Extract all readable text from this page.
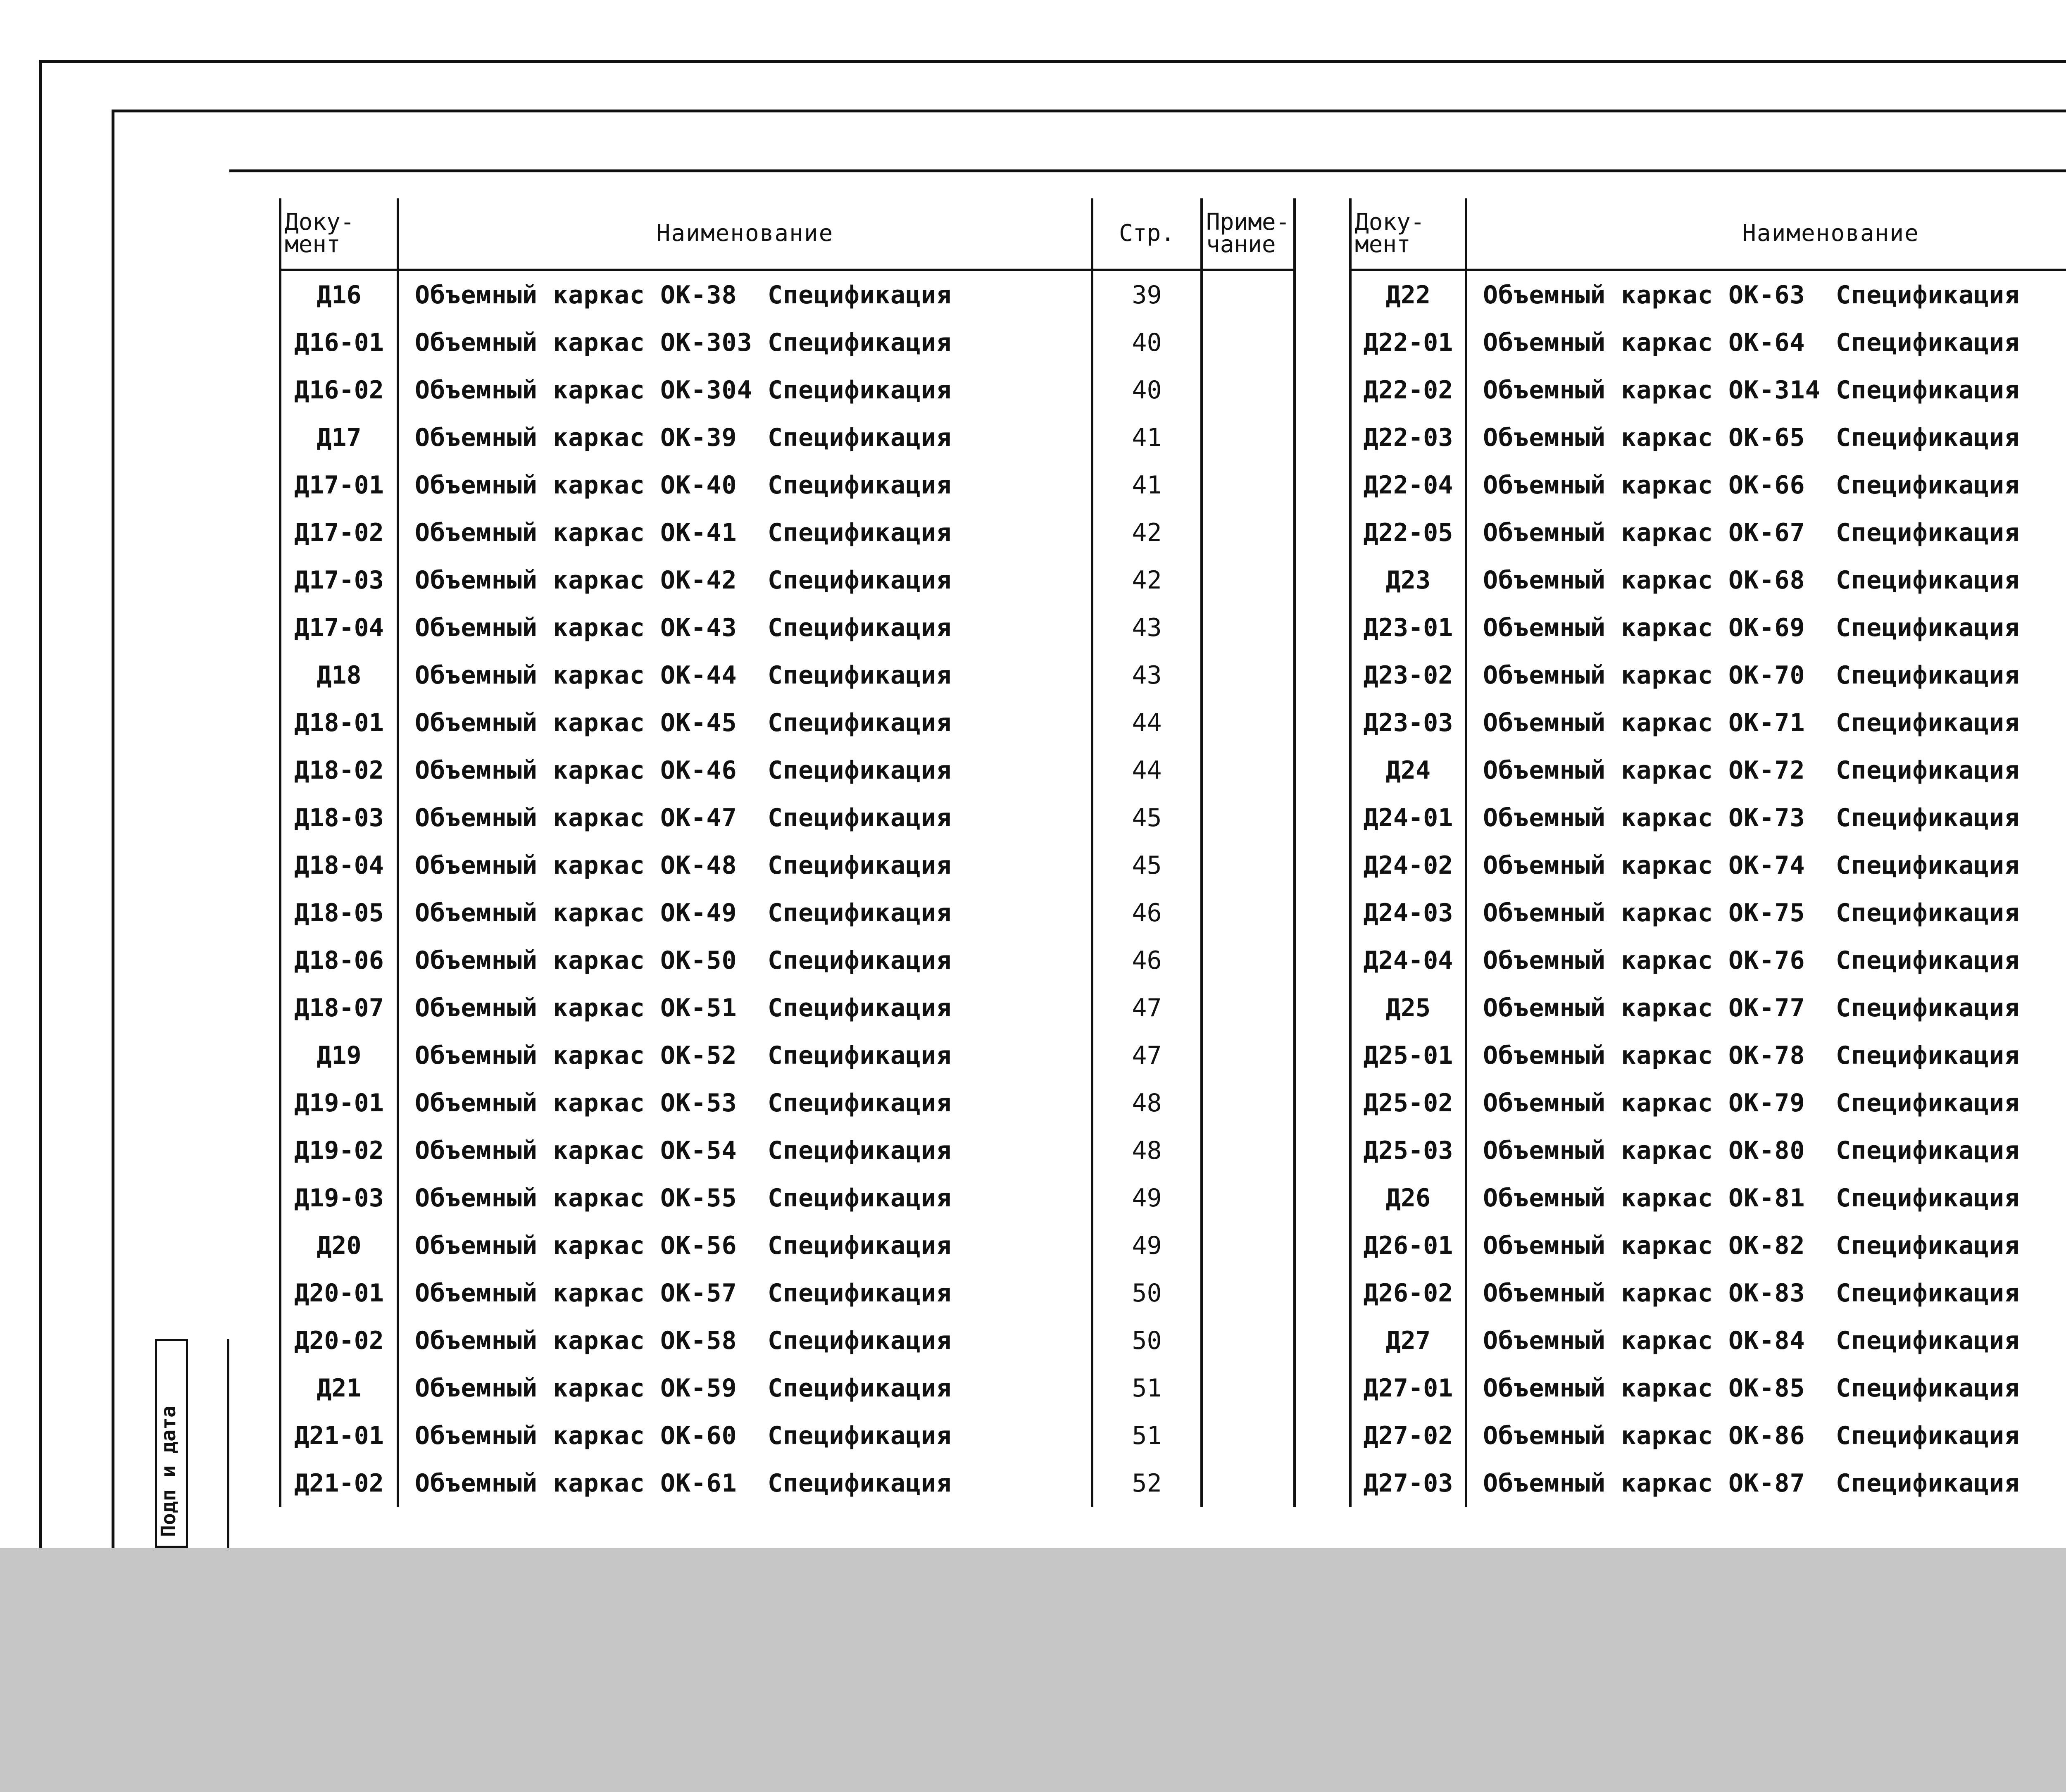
Подп и дата
Доку-
мент	Наименование	Стр.	Приме-
чание
Д16	Объемный каркас ОК-38  Спецификация	39	
Д16-01	Объемный каркас ОК-303 Спецификация	40	
Д16-02	Объемный каркас ОК-304 Спецификация	40	
Д17	Объемный каркас ОК-39  Спецификация	41	
Д17-01	Объемный каркас ОК-40  Спецификация	41	
Д17-02	Объемный каркас ОК-41  Спецификация	42	
Д17-03	Объемный каркас ОК-42  Спецификация	42	
Д17-04	Объемный каркас ОК-43  Спецификация	43	
Д18	Объемный каркас ОК-44  Спецификация	43	
Д18-01	Объемный каркас ОК-45  Спецификация	44	
Д18-02	Объемный каркас ОК-46  Спецификация	44	
Д18-03	Объемный каркас ОК-47  Спецификация	45	
Д18-04	Объемный каркас ОК-48  Спецификация	45	
Д18-05	Объемный каркас ОК-49  Спецификация	46	
Д18-06	Объемный каркас ОК-50  Спецификация	46	
Д18-07	Объемный каркас ОК-51  Спецификация	47	
Д19	Объемный каркас ОК-52  Спецификация	47	
Д19-01	Объемный каркас ОК-53  Спецификация	48	
Д19-02	Объемный каркас ОК-54  Спецификация	48	
Д19-03	Объемный каркас ОК-55  Спецификация	49	
Д20	Объемный каркас ОК-56  Спецификация	49	
Д20-01	Объемный каркас ОК-57  Спецификация	50	
Д20-02	Объемный каркас ОК-58  Спецификация	50	
Д21	Объемный каркас ОК-59  Спецификация	51	
Д21-01	Объемный каркас ОК-60  Спецификация	51	
Д21-02	Объемный каркас ОК-61  Спецификация	52	
Доку-
мент	Наименование		
Д22	Объемный каркас ОК-63  Спецификация		
Д22-01	Объемный каркас ОК-64  Спецификация		
Д22-02	Объемный каркас ОК-314 Спецификация		
Д22-03	Объемный каркас ОК-65  Спецификация		
Д22-04	Объемный каркас ОК-66  Спецификация		
Д22-05	Объемный каркас ОК-67  Спецификация		
Д23	Объемный каркас ОК-68  Спецификация		
Д23-01	Объемный каркас ОК-69  Спецификация		
Д23-02	Объемный каркас ОК-70  Спецификация		
Д23-03	Объемный каркас ОК-71  Спецификация		
Д24	Объемный каркас ОК-72  Спецификация		
Д24-01	Объемный каркас ОК-73  Спецификация		
Д24-02	Объемный каркас ОК-74  Спецификация		
Д24-03	Объемный каркас ОК-75  Спецификация		
Д24-04	Объемный каркас ОК-76  Спецификация		
Д25	Объемный каркас ОК-77  Спецификация		
Д25-01	Объемный каркас ОК-78  Спецификация		
Д25-02	Объемный каркас ОК-79  Спецификация		
Д25-03	Объемный каркас ОК-80  Спецификация		
Д26	Объемный каркас ОК-81  Спецификация		
Д26-01	Объемный каркас ОК-82  Спецификация		
Д26-02	Объемный каркас ОК-83  Спецификация		
Д27	Объемный каркас ОК-84  Спецификация		
Д27-01	Объемный каркас ОК-85  Спецификация		
Д27-02	Объемный каркас ОК-86  Спецификация		
Д27-03	Объемный каркас ОК-87  Спецификация		
